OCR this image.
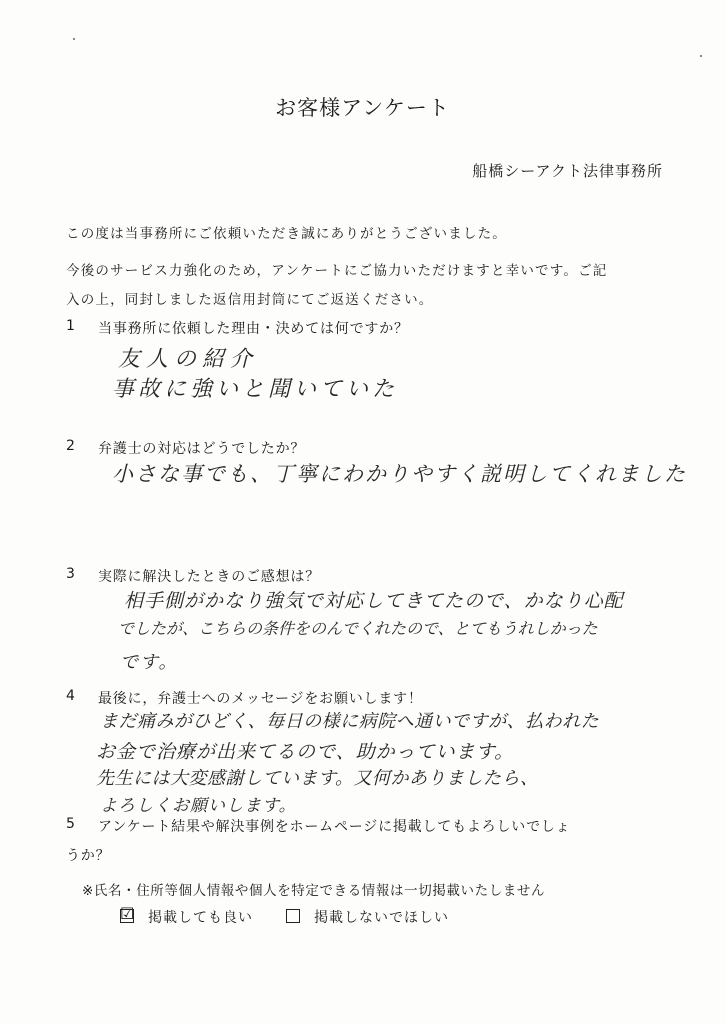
お客様アンケート
船橋シーアクト法律事務所
この度は当事務所にご依頼いただき誠にありがとうございました。
今後のサービス力強化のため，アンケートにご協力いただけますと幸いです。ご記
入の上，同封しました返信用封筒にてご返送ください。
1 当事務所に依頼した理由・決めては何ですか？
友人の紹介
事故に強いと聞いていた
2 弁護士の対応はどうでしたか？
小さな事でも、丁寧にわかりやすく説明してくれました
3 実際に解決したときのご感想は？
相手側がかなり強気で対応してきてたので、かなり心配
でしたが、こちらの条件をのんでくれたので、とてもうれしかった
です。
4 最後に，弁護士へのメッセージをお願いします！
まだ痛みがひどく、毎日の様に病院へ通いですが、払われた
お金で治療が出来てるので、助かっています。
先生には大変感謝しています。又何かありましたら、
よろしくお願いします。
5 アンケート結果や解決事例をホームページに掲載してもよろしいでしょ
うか？
※氏名・住所等個人情報や個人を特定できる情報は一切掲載いたしません
☑ 掲載しても良い	掲載しないでほしい
